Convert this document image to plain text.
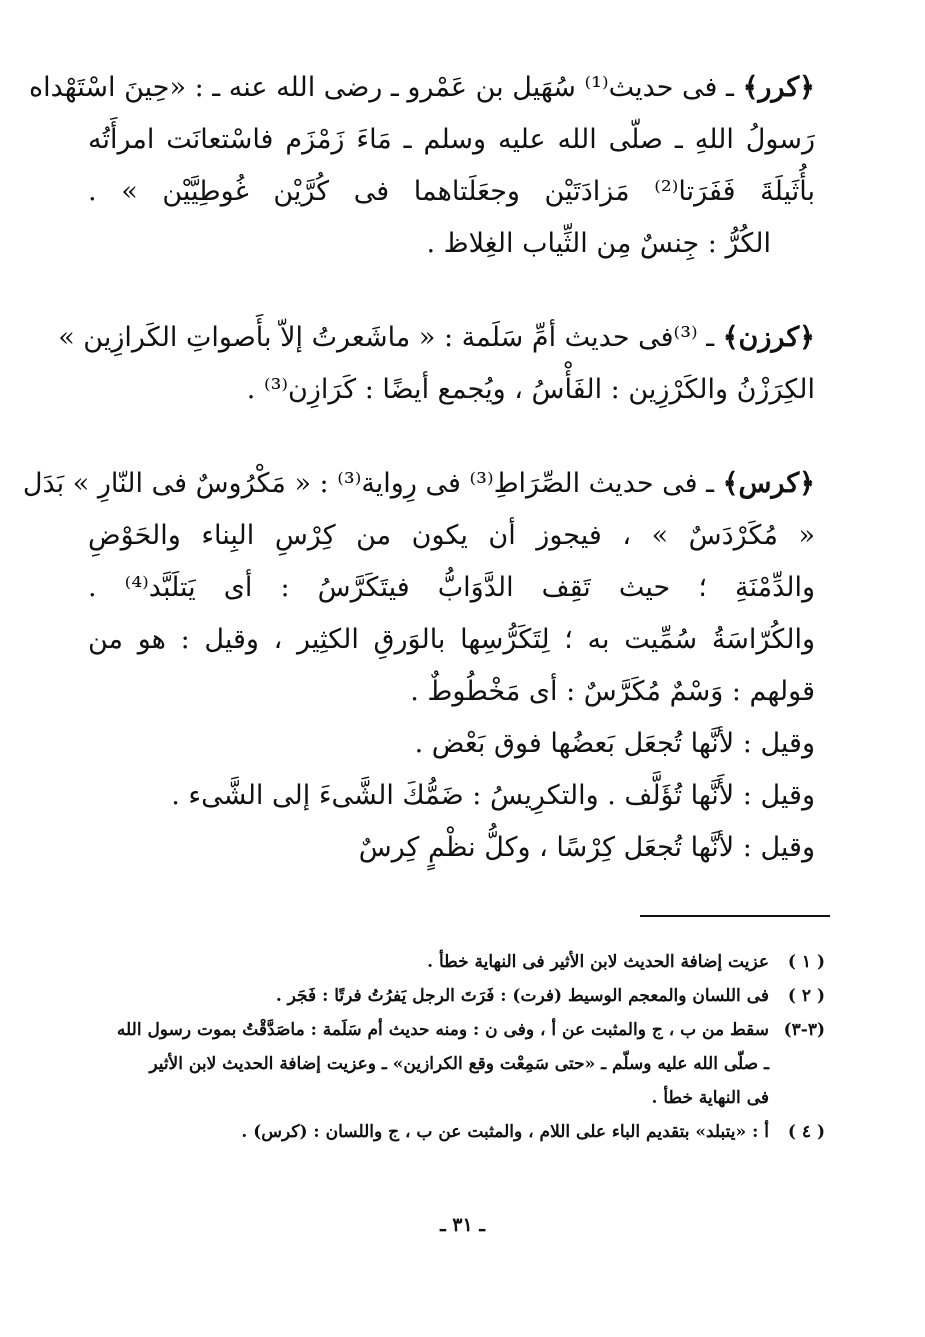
﴿كرر﴾ ـ فى حديث⁽¹⁾ سُهَيل بن عَمْرو ـ رضى الله عنه ـ : «حِينَ اسْتَهْداه
رَسولُ اللهِ ـ صلّى الله عليه وسلم ـ مَاءَ زَمْزَم فاسْتعانَت امرأَتُه
بأُثَيلَةَ فَفَرَتا⁽²⁾ مَزادَتَيْن وجعَلَتاهما فى كُرَّيْن غُوطِيَّيْن » .
الكُرُّ : جِنسٌ مِن الثِّياب الغِلاظ .
﴿كرزن﴾ ـ ⁽³⁾فى حديث أمِّ سَلَمة : « ماشَعرتُ إلاّ بأَصواتِ الكَرازِين »
الكِرَزْنُ والكَرْزِين : الفَأْسُ ، ويُجمع أيضًا : كَرَازِن⁽³⁾ .
﴿كرس﴾ ـ فى حديث الصِّرَاطِ⁽³⁾ فى رِواية⁽³⁾ : « مَكْرُوسٌ فى النّارِ » بَدَل
« مُكَرْدَسٌ » ، فيجوز أن يكون من كِرْسِ البِناء والحَوْضِ
والدِّمْنَةِ ؛ حيث تَقِف الدَّوَابُّ فيتَكَرَّسُ : أى يَتلَبَّد⁽⁴⁾ .
والكُرّاسَةُ سُمِّيت به ؛ لِتَكَرُّسِها بالوَرقِ الكثِير ، وقيل : هو من
قولهم : وَسْمٌ مُكَرَّسٌ : أى مَخْطُوطٌ .
وقيل : لأنَّها تُجعَل بَعضُها فوق بَعْض .
وقيل : لأَنَّها تُؤَلَّف . والتكرِيسُ : ضَمُّكَ الشَّىءَ إلى الشَّىء .
وقيل : لأنَّها تُجعَل كِرْسًا ، وكلُّ نظْمٍ كِرسٌ
( ١ )عزيت إضافة الحديث لابن الأثير فى النهاية خطأ .
( ٢ )فى اللسان والمعجم الوسيط (فرت) : فَرَتَ الرجل يَفرُتُ فرتًا : فَجَر .
(٣-٣)سقط من ب ، ج والمثبت عن أ ، وفى ن : ومنه حديث أم سَلَمة : ماصَدَّقْتُ بموت رسول الله
ـ صلّى الله عليه وسلّم ـ «حتى سَمِعْت وقع الكرازين» ـ وعزيت إضافة الحديث لابن الأثير
فى النهاية خطأ .
( ٤ )أ : «يتبلد» بتقديم الباء على اللام ، والمثبت عن ب ، ج واللسان : (كرس) .
ـ ٣١ ـ
